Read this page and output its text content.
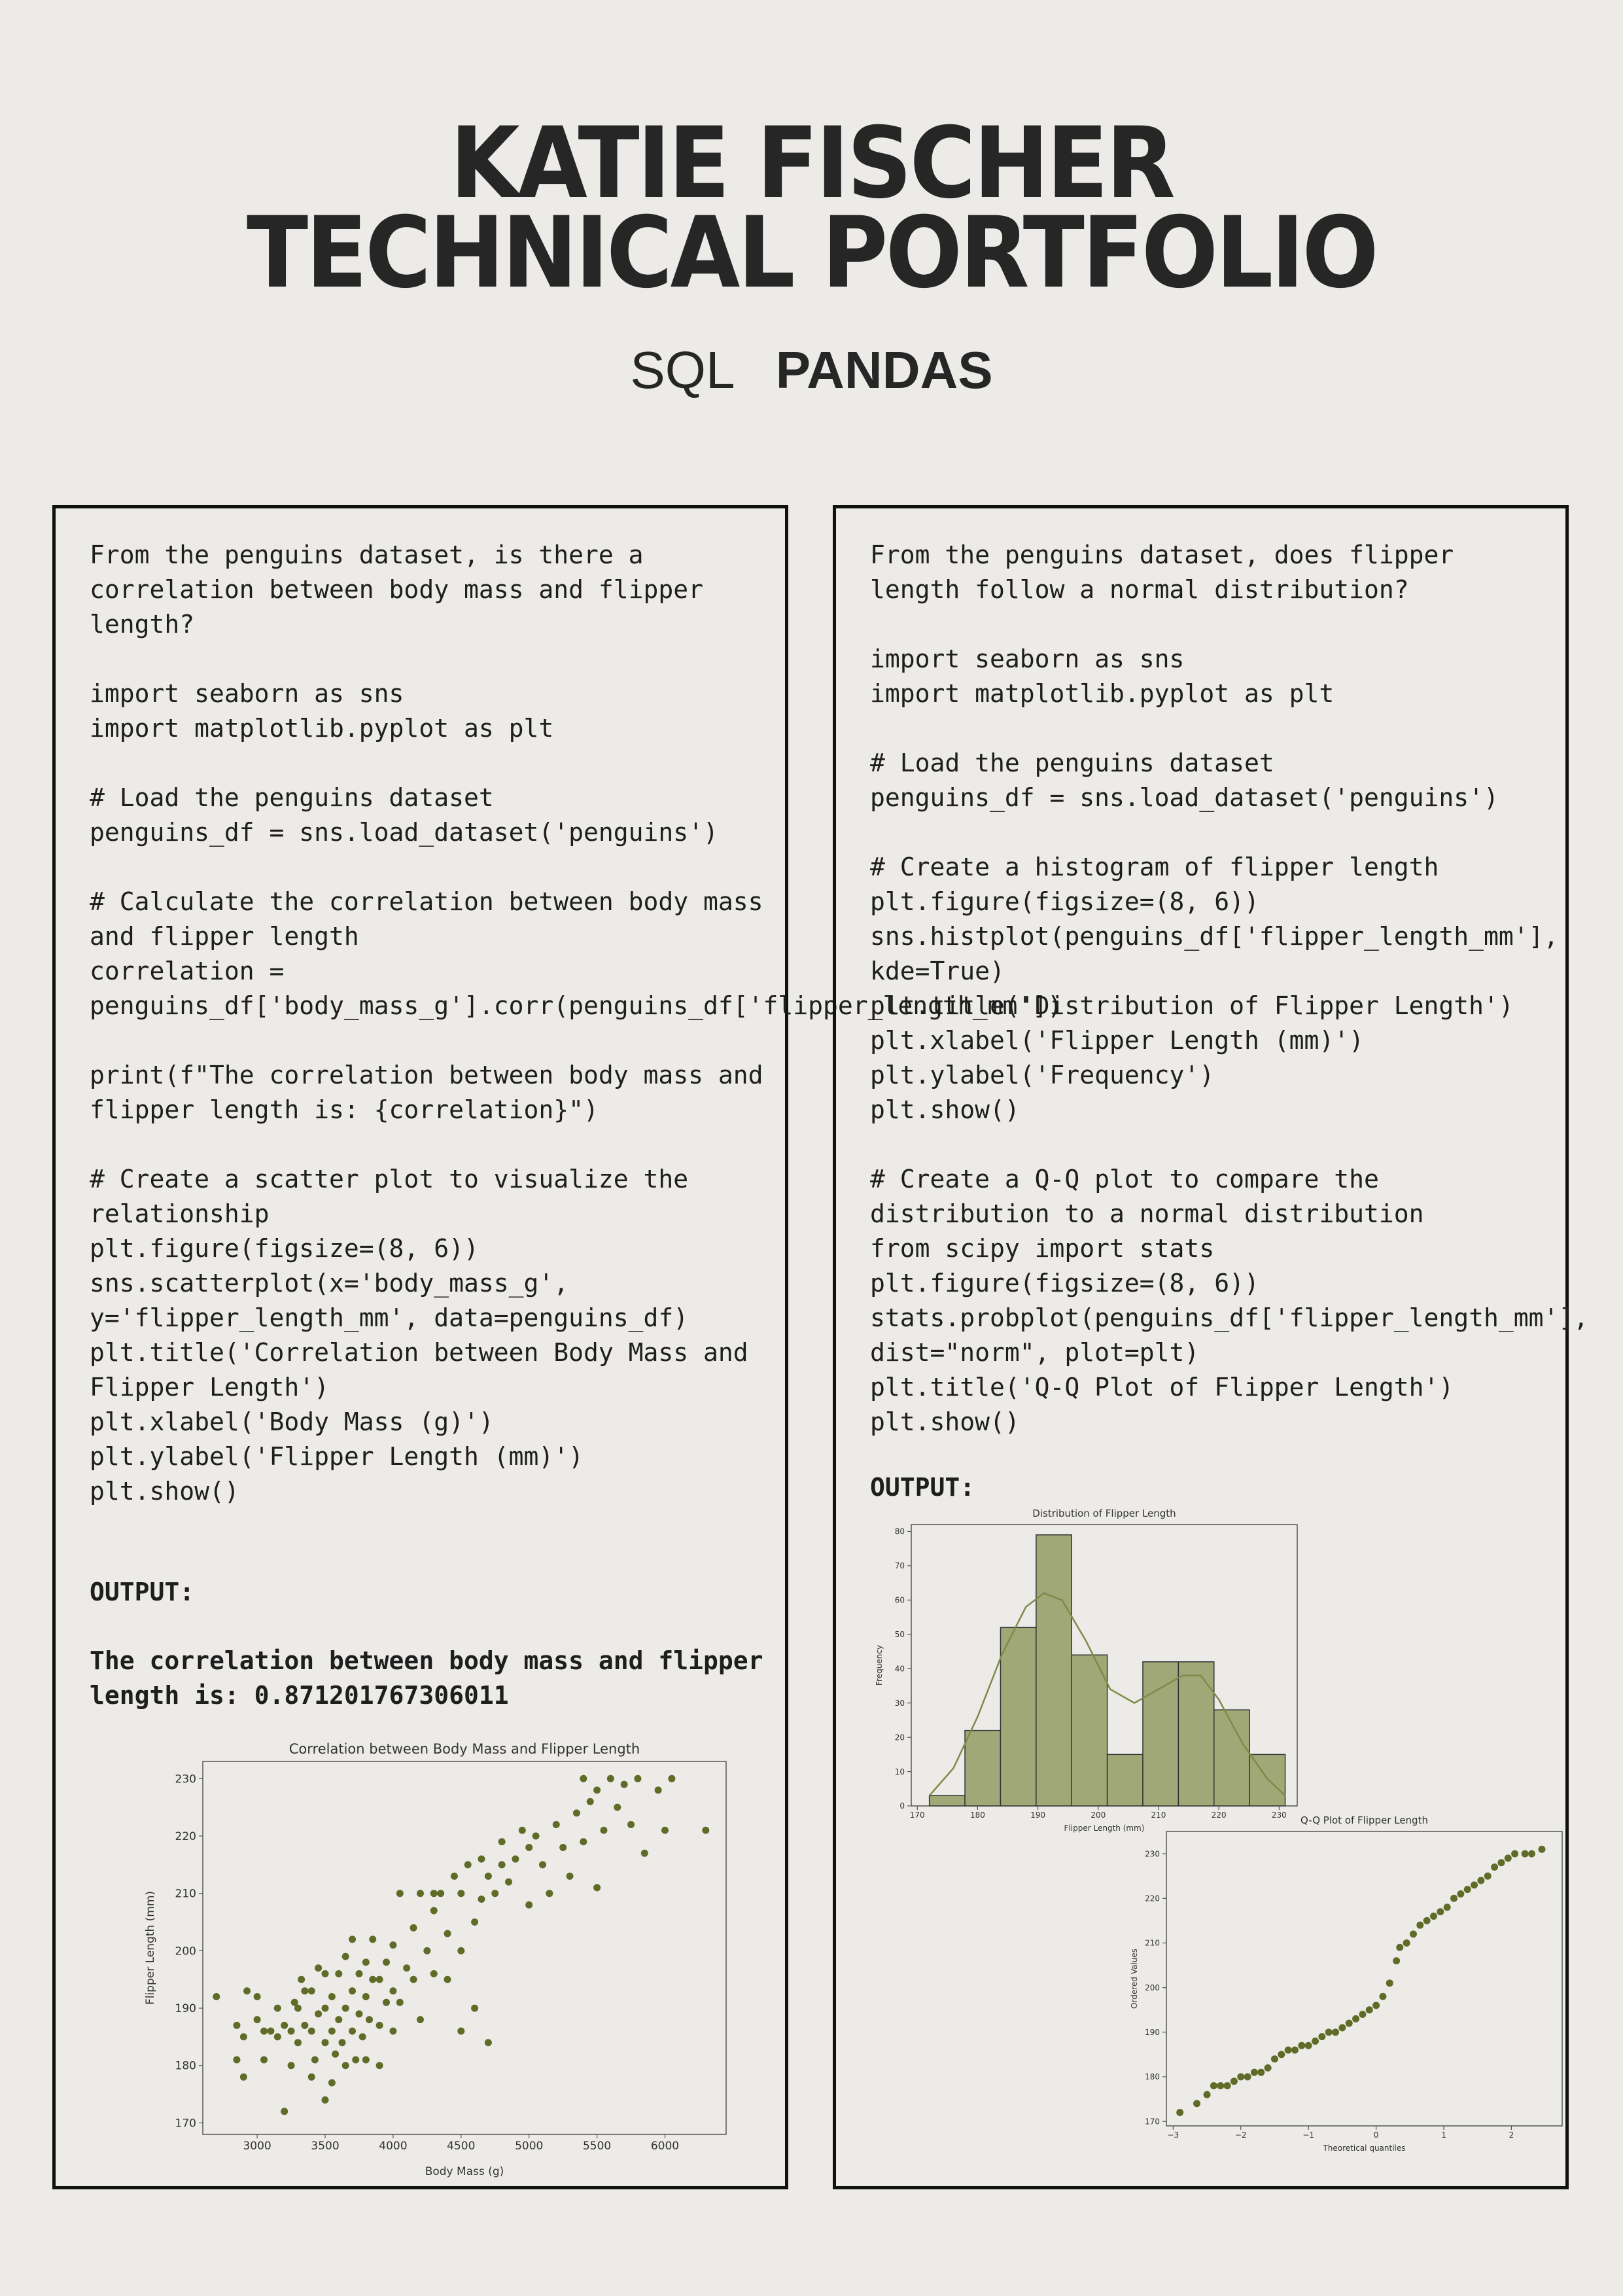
KATIE FISCHER
TECHNICAL PORTFOLIO
SQL PANDAS
From the penguins dataset, is there a correlation between body mass and flipper length?

import seaborn as sns
import matplotlib.pyplot as plt

# Load the penguins dataset
penguins_df = sns.load_dataset('penguins')

# Calculate the correlation between body mass and flipper length
correlation =
penguins_df['body_mass_g'].corr(penguins_df['flipper_length_mm'])

print(f"The correlation between body mass and flipper length is: {correlation}")

# Create a scatter plot to visualize the relationship
plt.figure(figsize=(8, 6))
sns.scatterplot(x='body_mass_g', y='flipper_length_mm', data=penguins_df)
plt.title('Correlation between Body Mass and Flipper Length')
plt.xlabel('Body Mass (g)')
plt.ylabel('Flipper Length (mm)')
plt.show()
OUTPUT:
The correlation between body mass and flipper length is: 0.871201767306011
Correlation between Body Mass and Flipper Length
Body Mass (g)
Flipper Length (mm)
3000	3500	4000	4500	5000	5500	6000
170
180
190
200
210
220
230
From the penguins dataset, does flipper length follow a normal distribution?

import seaborn as sns
import matplotlib.pyplot as plt

# Load the penguins dataset
penguins_df = sns.load_dataset('penguins')

# Create a histogram of flipper length
plt.figure(figsize=(8, 6))
sns.histplot(penguins_df['flipper_length_mm'], kde=True)
plt.title('Distribution of Flipper Length')
plt.xlabel('Flipper Length (mm)')
plt.ylabel('Frequency')
plt.show()

# Create a Q-Q plot to compare the distribution to a normal distribution
from scipy import stats
plt.figure(figsize=(8, 6))
stats.probplot(penguins_df['flipper_length_mm'], dist="norm", plot=plt)
plt.title('Q-Q Plot of Flipper Length')
plt.show()
OUTPUT:
Distribution of Flipper Length
Flipper Length (mm)
Frequency
170	180	190	200	210	220	230
0
10
20
30
40
50
60
70
80
Q-Q Plot of Flipper Length
Theoretical quantiles
Ordered Values
−3	−2	−1	0	1	2
170
180
190
200
210
220
230
